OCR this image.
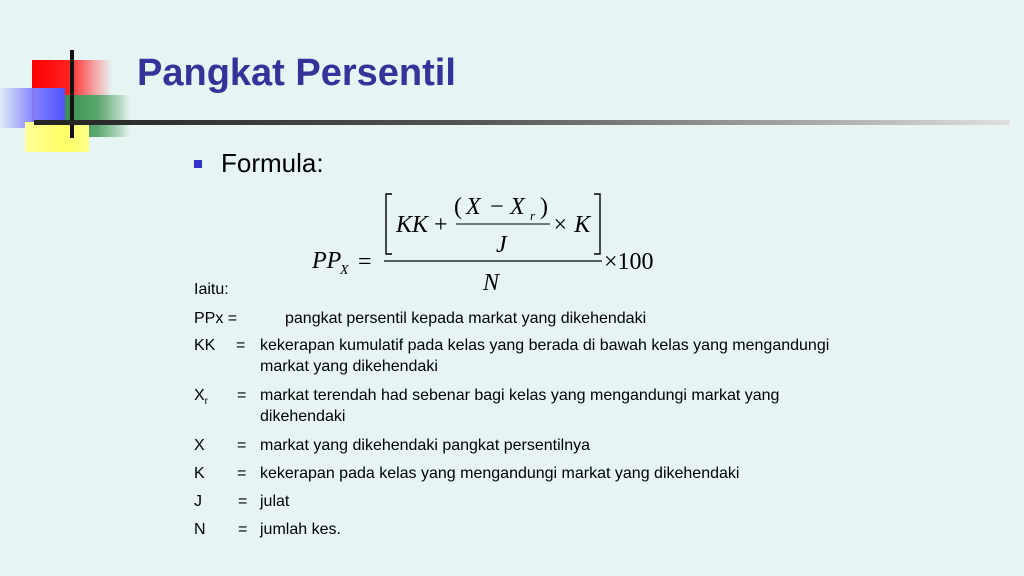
Pangkat Persentil
Formula:
PP
X =
KK +
( X − X r )
J
× K
N
×100
Iaitu:
PPx =	pangkat persentil kepada markat yang dikehendaki
KK = kekerapan kumulatif pada kelas yang berada di bawah kelas yang mengandungi markat yang dikehendaki
$X_r$ = markat terendah had sebenar bagi kelas yang mengandungi markat yang dikehendaki
X = markat yang dikehendaki pangkat persentilnya
K = kekerapan pada kelas yang mengandungi markat yang dikehendaki
J = julat
N = jumlah kes.
